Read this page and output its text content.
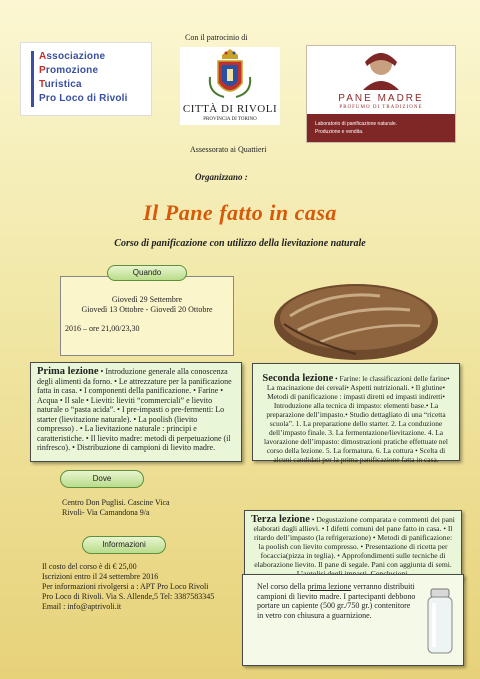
Con il patrocinio di
Associazione
Promozione
Turistica
Pro Loco di Rivoli
CITTÀ DI RIVOLI
PROVINCIA DI TORINO
PANE MADRE
PROFUMO DI TRADIZIONE
Laboratorio di panificazione naturale.
Produzione e vendita.
Assessorato ai Quattieri
Organizzano :
Il Pane fatto in casa
Corso di panificazione con utilizzo della lievitazione naturale
Quando
Giovedì 29 Settembre
Giovedì 13 Ottobre - Giovedì 20 Ottobre
2016 – ore 21,00/23,30
Prima lezione • Introduzione generale alla conoscenza degli alimenti da forno. • Le attrezzature per la panificazione fatta in casa. • I componenti della panificazione. • Farine • Acqua • Il sale • Lieviti: lieviti “commerciali” e lievito naturale o “pasta acida”. • I pre-impasti o pre-fermenti: Lo starter (lievitazione naturale). • La poolish (lievito compresso) . • La lievitazione naturale : principi e caratteristiche. • Il lievito madre: metodi di perpetuazione (il rinfresco). • Distribuzione di campioni di lievito madre.
Seconda lezione • Farine: le classificazioni delle farine• La macinazione dei cereali• Aspetti nutrizionali. • Il glutine• Metodi di panificazione : impasti diretti ed impasti indiretti• Introduzione alla tecnica di impasto: elementi base.• La preparazione dell’impasto.• Studio dettagliato di una “ricetta scuola”. 1. La preparazione dello starter. 2. La conduzione dell’impasto finale. 3. La fermentazione/lievitazione. 4. La lavorazione dell’impasto: dimostrazioni pratiche effettuate nel corso della lezione. 5. La formatura. 6. La cottura • Scelta di alcuni candidati per la prima panificazione fatta in casa.
Dove
Centro Don Puglisi. Cascine Vica
Rivoli- Via Camandona 9/a
Informazioni
Il costo del corso è di € 25,00
Iscrizioni entro il 24 settembre 2016
Per informazioni rivolgersi a : APT Pro Loco Rivoli
Pro Loco di Rivoli. Via S. Allende,5 Tel: 3387583345
Email : info@aptrivoli.it
Terza lezione • Degustazione comparata e commenti dei pani elaborati dagli allievi. • I difetti comuni del pane fatto in casa. • Il ritardo dell’impasto (la refrigerazione) • Metodi di panificazione: la poolish con lievito compresso. • Presentazione di ricetta per focaccia(pizza in teglia). • Approfondimenti sulle tecniche di elaborazione lievito. Il pane di segale. Pani con aggiunta di semi.
Nel corso della prima lezione verranno distribuiti campioni di lievito madre. I partecipanti debbono portare un capiente (500 gr./750 gr.) contenitore in vetro con chiusura a guarnizione.
